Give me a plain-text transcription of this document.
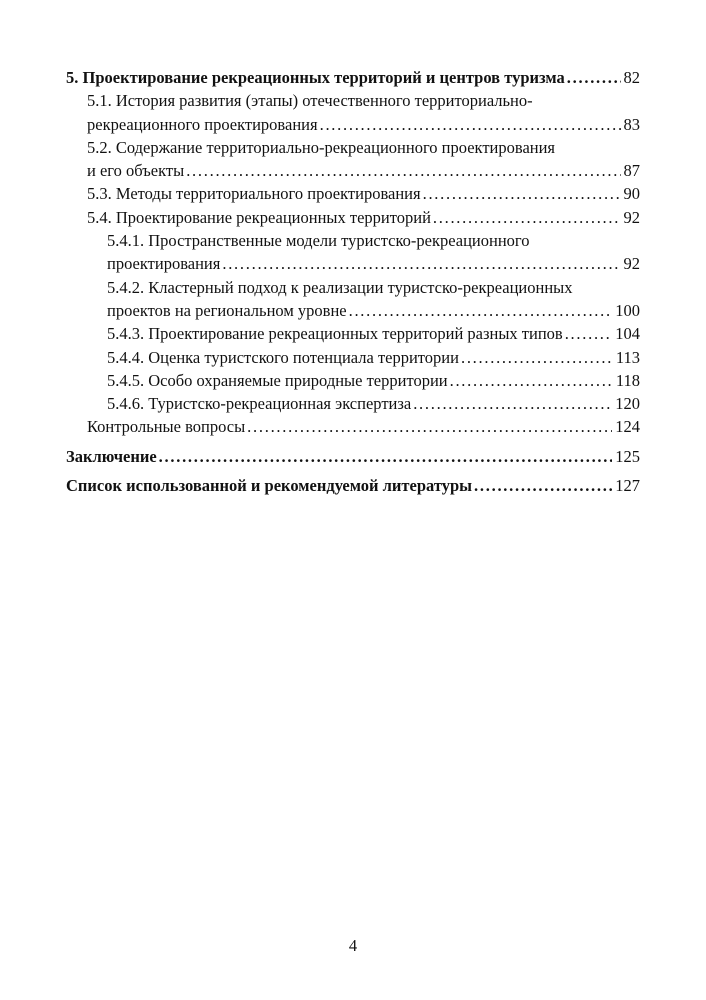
5. Проектирование рекреационных территорий и центров туризма . . .	82
5.1. История развития (этапы) отечественного территориально-
рекреационного проектирования . . .	83
5.2. Содержание территориально-рекреационного проектирования
и его объекты . . .	87
5.3. Методы территориального проектирования . . .	90
5.4. Проектирование рекреационных территорий . . .	92
5.4.1. Пространственные модели туристско-рекреационного
проектирования . . .	92
5.4.2. Кластерный подход к реализации туристско-рекреационных
проектов на региональном уровне . . .	100
5.4.3. Проектирование рекреационных территорий разных типов . . .	104
5.4.4. Оценка туристского потенциала территории . . .	113
5.4.5. Особо охраняемые природные территории . . .	118
5.4.6. Туристско-рекреационная экспертиза . . .	120
Контрольные вопросы . . .	124
Заключение . . .	125
Список использованной и рекомендуемой литературы . . .	127
4
